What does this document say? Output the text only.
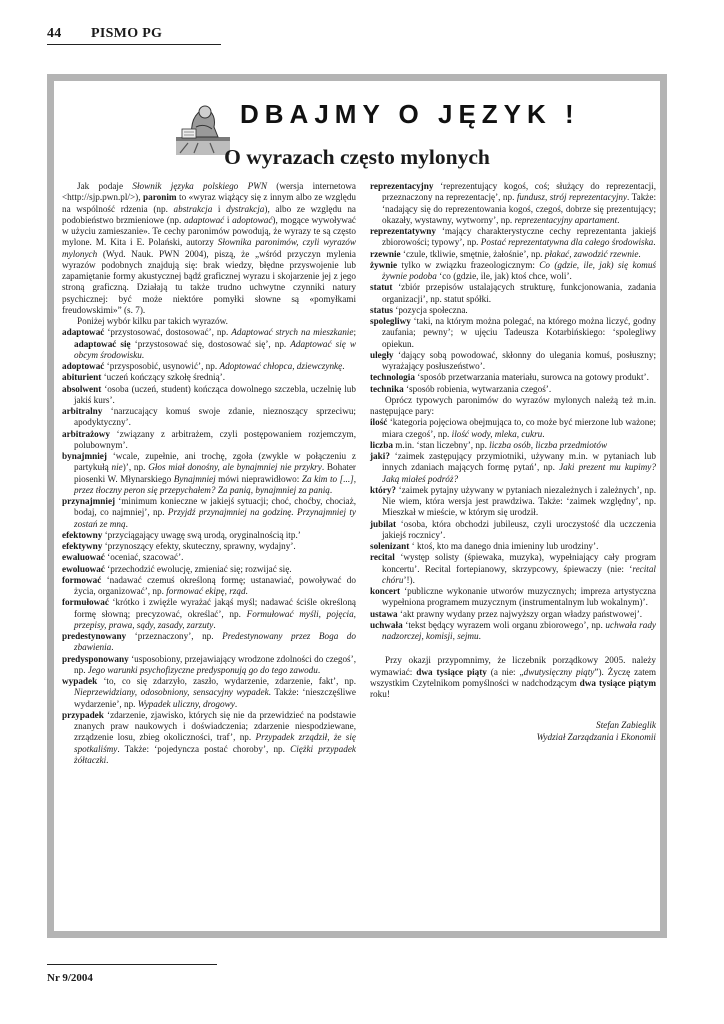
44 PISMO PG
DBAJMY O JĘZYK !
O wyrazach często mylonych

Jak podaje Słownik języka polskiego PWN (wersja internetowa <http://sjp.pwn.pl/>), paronim to «wyraz wiążący się z innym albo ze względu na wspólność rdzenia (np. abstrakcja i dystrakcja), albo ze względu na podobieństwo brzmieniowe (np. adaptować i adoptować), mogące wywoływać w użyciu zamieszanie». Te cechy paronimów powodują, że wyrazy te są często mylone. M. Kita i E. Polański, autorzy Słownika paronimów, czyli wyrazów mylonych (Wyd. Nauk. PWN 2004), piszą, że „wśród przyczyn mylenia wyrazów podobnych znajdują się: brak wiedzy, błędne przyswojenie lub zapamiętanie formy akustycznej bądź graficznej wyrazu i skojarzenie jej z jego stroną graficzną. Działają tu także trudno uchwytne czynniki natury psychicznej: być może niektóre pomyłki słowne są «pomyłkami freudowskimi»” (s. 7).

Poniżej wybór kilku par takich wyrazów.

adaptować ‘przystosować, dostosować’, np. Adaptować strych na mieszkanie; adaptować się ‘przystosować się, dostosować się’, np. Adaptować się w obcym środowisku.

adoptować ‘przysposobić, usynowić’, np. Adoptować chłopca, dziewczynkę.

abiturient ‘uczeń kończący szkołę średnią’.

absolwent ‘osoba (uczeń, student) kończąca dowolnego szczebla, uczelnię lub jakiś kurs’.

arbitralny ‘narzucający komuś swoje zdanie, nieznoszący sprzeciwu; apodyktyczny’.

arbitrażowy ‘związany z arbitrażem, czyli postępowaniem rozjemczym, polubownym’.

bynajmniej ‘wcale, zupełnie, ani trochę, zgoła (zwykle w połączeniu z partykułą nie)’, np. Głos miał donośny, ale bynajmniej nie przykry. Bohater piosenki W. Młynarskiego Bynajmniej mówi nieprawidłowo: Za kim to [...], przez tłoczny peron się przepychałem? Za panią, bynajmniej za panią.

przynajmniej ‘minimum konieczne w jakiejś sytuacji; choć, choćby, chociaż, bodaj, co najmniej’, np. Przyjdź przynajmniej na godzinę. Przynajmniej ty zostań ze mną.

efektowny ‘przyciągający uwagę swą urodą, oryginalnością itp.’

efektywny ‘przynoszący efekty, skuteczny, sprawny, wydajny’.

ewaluować ‘oceniać, szacować’.

ewoluować ‘przechodzić ewolucję, zmieniać się; rozwijać się.

formować ‘nadawać czemuś określoną formę; ustanawiać, powoływać do życia, organizować’, np. formować ekipę, rząd.

formułować ‘krótko i zwięźle wyrażać jakąś myśl; nadawać ściśle określoną formę słowną; precyzować, określać’, np. Formułować myśli, pojęcia, przepisy, prawa, sądy, zasady, zarzuty.

predestynowany ‘przeznaczony’, np. Predestynowany przez Boga do zbawienia.

predysponowany ‘usposobiony, przejawiający wrodzone zdolności do czegoś’, np. Jego warunki psychofizyczne predysponują go do tego zawodu.

wypadek ‘to, co się zdarzyło, zaszło, wydarzenie, zdarzenie, fakt’, np. Nieprzewidziany, odosobniony, sensacyjny wypadek. Także: ‘nieszczęśliwe wydarzenie’, np. Wypadek uliczny, drogowy.

przypadek ‘zdarzenie, zjawisko, których się nie da przewidzieć na podstawie znanych praw naukowych i doświadczenia; zdarzenie niespodziewane, zrządzenie losu, zbieg okoliczności, traf’, np. Przypadek zrządził, że się spotkaliśmy. Także: ‘pojedyncza postać choroby’, np. Ciężki przypadek żółtaczki.

reprezentacyjny ‘reprezentujący kogoś, coś; służący do reprezentacji, przeznaczony na reprezentację’, np. fundusz, strój reprezentacyjny. Także: ‘nadający się do reprezentowania kogoś, czegoś, dobrze się prezentujący; okazały, wystawny, wytworny’, np. reprezentacyjny apartament.

reprezentatywny ‘mający charakterystyczne cechy reprezentanta jakiejś zbiorowości; typowy’, np. Postać reprezentatywna dla całego środowiska.

rzewnie ‘czule, tkliwie, smętnie, żałośnie’, np. płakać, zawodzić rzewnie.

żywnie tylko w związku frazeologicznym: Co (gdzie, ile, jak) się komuś żywnie podoba ‘co (gdzie, ile, jak) ktoś chce, woli’.

statut ‘zbiór przepisów ustalających strukturę, funkcjonowania, zadania organizacji’, np. statut spółki.

status ‘pozycja społeczna.

spolegliwy ‘taki, na którym można polegać, na którego można liczyć, godny zaufania; pewny’; w ujęciu Tadeusza Kotarbińskiego: ‘spolegliwy opiekun.

uległy ‘dający sobą powodować, skłonny do ulegania komuś, posłuszny; wyrażający posłuszeństwo’.

technologia ‘sposób przetwarzania materiału, surowca na gotowy produkt’.

technika ‘sposób robienia, wytwarzania czegoś’.

Oprócz typowych paronimów do wyrazów mylonych należą też m.in. następujące pary:

ilość ‘kategoria pojęciowa obejmująca to, co może być mierzone lub ważone; miara czegoś’, np. ilość wody, mleka, cukru.

liczba m.in. ‘stan liczebny’, np. liczba osób, liczba przedmiotów

jaki? ‘zaimek zastępujący przymiotniki, używany m.in. w pytaniach lub innych zdaniach mających formę pytań’, np. Jaki prezent mu kupimy? Jaką miałeś podróż?

który? ‘zaimek pytajny używany w pytaniach niezależnych i zależnych’, np. Nie wiem, która wersja jest prawdziwa. Także: ‘zaimek względny’, np. Mieszkał w mieście, w którym się urodził.

jubilat ‘osoba, która obchodzi jubileusz, czyli uroczystość dla uczczenia jakiejś rocznicy’.

solenizant ‘ ktoś, kto ma danego dnia imieniny lub urodziny’.

recital ‘występ solisty (śpiewaka, muzyka), wypełniający cały program koncertu’. Recital fortepianowy, skrzypcowy, śpiewaczy (nie: ‘recital chóru’!).

koncert ‘publiczne wykonanie utworów muzycznych; impreza artystyczna wypełniona programem muzycznym (instrumentalnym lub wokalnym)’.

ustawa ‘akt prawny wydany przez najwyższy organ władzy państwowej’.

uchwała ‘tekst będący wyrazem woli organu zbiorowego’, np. uchwała rady nadzorczej, komisji, sejmu.

Przy okazji przypomnimy, że liczebnik porządkowy 2005. należy wymawiać: dwa tysiące piąty (a nie: „dwutysięczny piąty”). Życzę zatem wszystkim Czytelnikom pomyślności w nadchodzącym dwa tysiące piątym roku!

Stefan Zabieglik

Wydział Zarządzania i Ekonomii

Nr 9/2004
